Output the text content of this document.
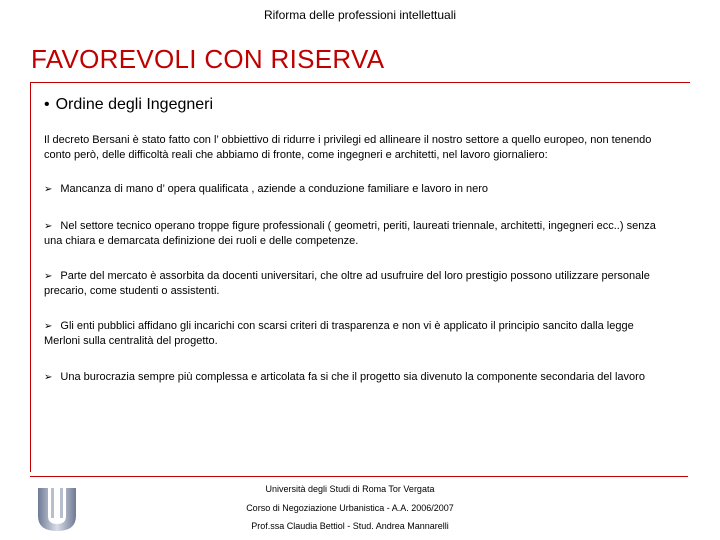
Riforma delle professioni intellettuali
FAVOREVOLI CON RISERVA
• Ordine degli Ingegneri
Il decreto Bersani è stato fatto con l’ obbiettivo di ridurre i privilegi ed allineare il nostro settore a quello europeo, non tenendo conto però, delle difficoltà reali che abbiamo di fronte, come ingegneri e architetti, nel lavoro giornaliero:
➢ Mancanza di mano d’ opera qualificata , aziende a conduzione familiare e lavoro in nero
➢ Nel settore tecnico operano troppe figure professionali ( geometri, periti, laureati triennale, architetti, ingegneri ecc..) senza una chiara e demarcata definizione dei ruoli e delle competenze.
➢ Parte del mercato è assorbita da docenti universitari, che oltre ad usufruire del loro prestigio possono utilizzare personale precario, come studenti o assistenti.
➢ Gli enti pubblici affidano gli incarichi con scarsi criteri di trasparenza e non vi è applicato il principio sancito dalla legge Merloni sulla centralità del progetto.
➢ Una burocrazia sempre più complessa e articolata fa si che il progetto sia divenuto la componente secondaria del lavoro
Università degli Studi di Roma Tor Vergata
Corso di Negoziazione Urbanistica - A.A. 2006/2007
Prof.ssa Claudia Bettiol - Stud. Andrea Mannarelli
